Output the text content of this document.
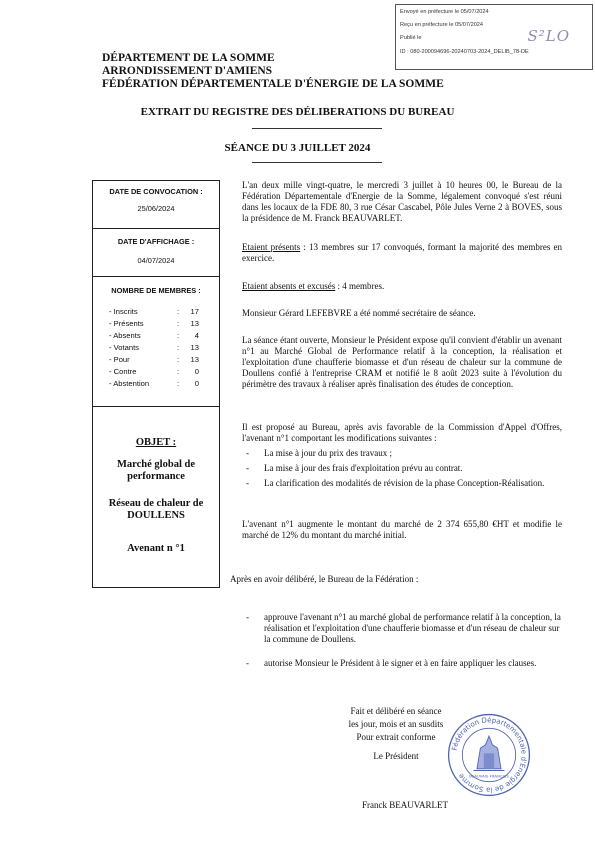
Envoyé en préfecture le 05/07/2024
Reçu en préfecture le 05/07/2024
Publié le
ID : 080-200094696-20240703-2024_DELIB_78-DE
S²LO
DÉPARTEMENT DE LA SOMME
ARRONDISSEMENT D'AMIENS
FÉDÉRATION DÉPARTEMENTALE D'ÉNERGIE DE LA SOMME
EXTRAIT DU REGISTRE DES DÉLIBERATIONS DU BUREAU
SÉANCE DU 3 JUILLET 2024
DATE DE CONVOCATION :
25/06/2024
DATE D'AFFICHAGE :
04/07/2024
NOMBRE DE MEMBRES :
- Inscrits	: 17
- Présents	: 13
- Absents	: 4
- Votants	: 13
- Pour	: 13
- Contre	: 0
- Abstention	: 0
OBJET :
Marché global de performance
Réseau de chaleur de DOULLENS
Avenant n °1
L'an deux mille vingt-quatre, le mercredi 3 juillet à 10 heures 00, le Bureau de la Fédération Départementale d'Energie de la Somme, légalement convoqué s'est réuni dans les locaux de la FDE 80, 3 rue César Cascabel, Pôle Jules Verne 2 à BOVES, sous la présidence de M. Franck BEAUVARLET.
Etaient présents : 13 membres sur 17 convoqués, formant la majorité des membres en exercice.
Etaient absents et excusés : 4 membres.
Monsieur Gérard LEFEBVRE a été nommé secrétaire de séance.
La séance étant ouverte, Monsieur le Président expose qu'il convient d'établir un avenant n°1 au Marché Global de Performance relatif à la conception, la réalisation et l'exploitation d'une chaufferie biomasse et d'un réseau de chaleur sur la commune de Doullens confié à l'entreprise CRAM et notifié le 8 août 2023 suite à l'évolution du périmètre des travaux à réaliser après finalisation des études de conception.
Il est proposé au Bureau, après avis favorable de la Commission d'Appel d'Offres, l'avenant n°1 comportant les modifications suivantes :
- La mise à jour du prix des travaux ;
- La mise à jour des frais d'exploitation prévu au contrat.
- La clarification des modalités de révision de la phase Conception-Réalisation.
L'avenant n°1 augmente le montant du marché de 2 374 655,80 €HT et modifie le marché de 12% du montant du marché initial.
Après en avoir délibéré, le Bureau de la Fédération :
- approuve l'avenant n°1 au marché global de performance relatif à la conception, la réalisation et l'exploitation d'une chaufferie biomasse et d'un réseau de chaleur sur la commune de Doullens.
- autorise Monsieur le Président à le signer et à en faire appliquer les clauses.
Fait et délibéré en séance
les jour, mois et an susdits
Pour extrait conforme
Le Président
Franck BEAUVARLET
Fédération Départementale d'Energie de la Somme BEAUVAIS FRANÇAIS
